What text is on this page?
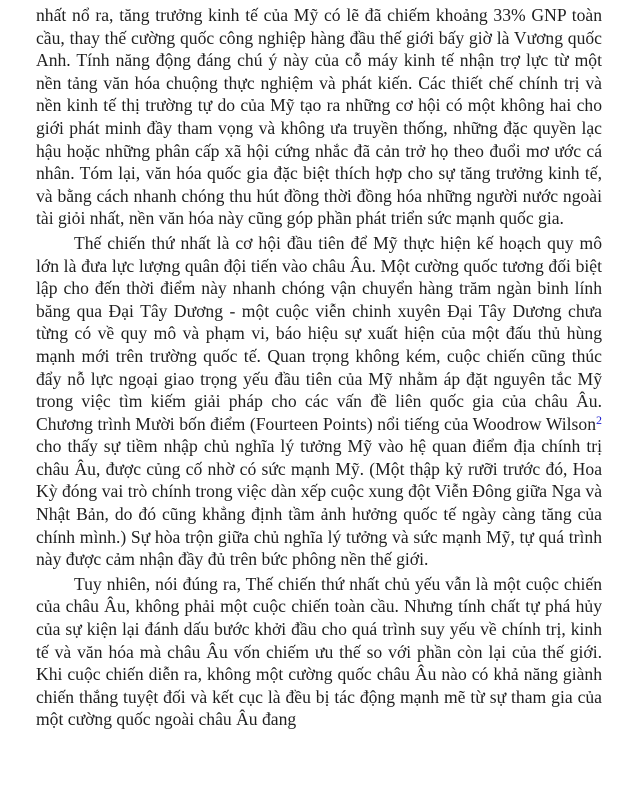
nhất nổ ra, tăng trưởng kinh tế của Mỹ có lẽ đã chiếm khoảng 33% GNP toàn cầu, thay thế cường quốc công nghiệp hàng đầu thế giới bấy giờ là Vương quốc Anh. Tính năng động đáng chú ý này của cỗ máy kinh tế nhận trợ lực từ một nền tảng văn hóa chuộng thực nghiệm và phát kiến. Các thiết chế chính trị và nền kinh tế thị trường tự do của Mỹ tạo ra những cơ hội có một không hai cho giới phát minh đầy tham vọng và không ưa truyền thống, những đặc quyền lạc hậu hoặc những phân cấp xã hội cứng nhắc đã cản trở họ theo đuổi mơ ước cá nhân. Tóm lại, văn hóa quốc gia đặc biệt thích hợp cho sự tăng trưởng kinh tế, và bằng cách nhanh chóng thu hút đồng thời đồng hóa những người nước ngoài tài giỏi nhất, nền văn hóa này cũng góp phần phát triển sức mạnh quốc gia.

Thế chiến thứ nhất là cơ hội đầu tiên để Mỹ thực hiện kế hoạch quy mô lớn là đưa lực lượng quân đội tiến vào châu Âu. Một cường quốc tương đối biệt lập cho đến thời điểm này nhanh chóng vận chuyển hàng trăm ngàn binh lính băng qua Đại Tây Dương - một cuộc viễn chinh xuyên Đại Tây Dương chưa từng có về quy mô và phạm vi, báo hiệu sự xuất hiện của một đấu thủ hùng mạnh mới trên trường quốc tế. Quan trọng không kém, cuộc chiến cũng thúc đẩy nỗ lực ngoại giao trọng yếu đầu tiên của Mỹ nhằm áp đặt nguyên tắc Mỹ trong việc tìm kiếm giải pháp cho các vấn đề liên quốc gia của châu Âu. Chương trình Mười bốn điểm (Fourteen Points) nổi tiếng của Woodrow Wilson$^2$ cho thấy sự tiềm nhập chủ nghĩa lý tưởng Mỹ vào hệ quan điểm địa chính trị châu Âu, được củng cố nhờ có sức mạnh Mỹ. (Một thập kỷ rưỡi trước đó, Hoa Kỳ đóng vai trò chính trong việc dàn xếp cuộc xung đột Viễn Đông giữa Nga và Nhật Bản, do đó cũng khẳng định tầm ảnh hưởng quốc tế ngày càng tăng của chính mình.) Sự hòa trộn giữa chủ nghĩa lý tưởng và sức mạnh Mỹ, tự quá trình này được cảm nhận đầy đủ trên bức phông nền thế giới.

Tuy nhiên, nói đúng ra, Thế chiến thứ nhất chủ yếu vẫn là một cuộc chiến của châu Âu, không phải một cuộc chiến toàn cầu. Nhưng tính chất tự phá hủy của sự kiện lại đánh dấu bước khởi đầu cho quá trình suy yếu về chính trị, kinh tế và văn hóa mà châu Âu vốn chiếm ưu thế so với phần còn lại của thế giới. Khi cuộc chiến diễn ra, không một cường quốc châu Âu nào có khả năng giành chiến thắng tuyệt đối và kết cục là đều bị tác động mạnh mẽ từ sự tham gia của một cường quốc ngoài châu Âu đang
